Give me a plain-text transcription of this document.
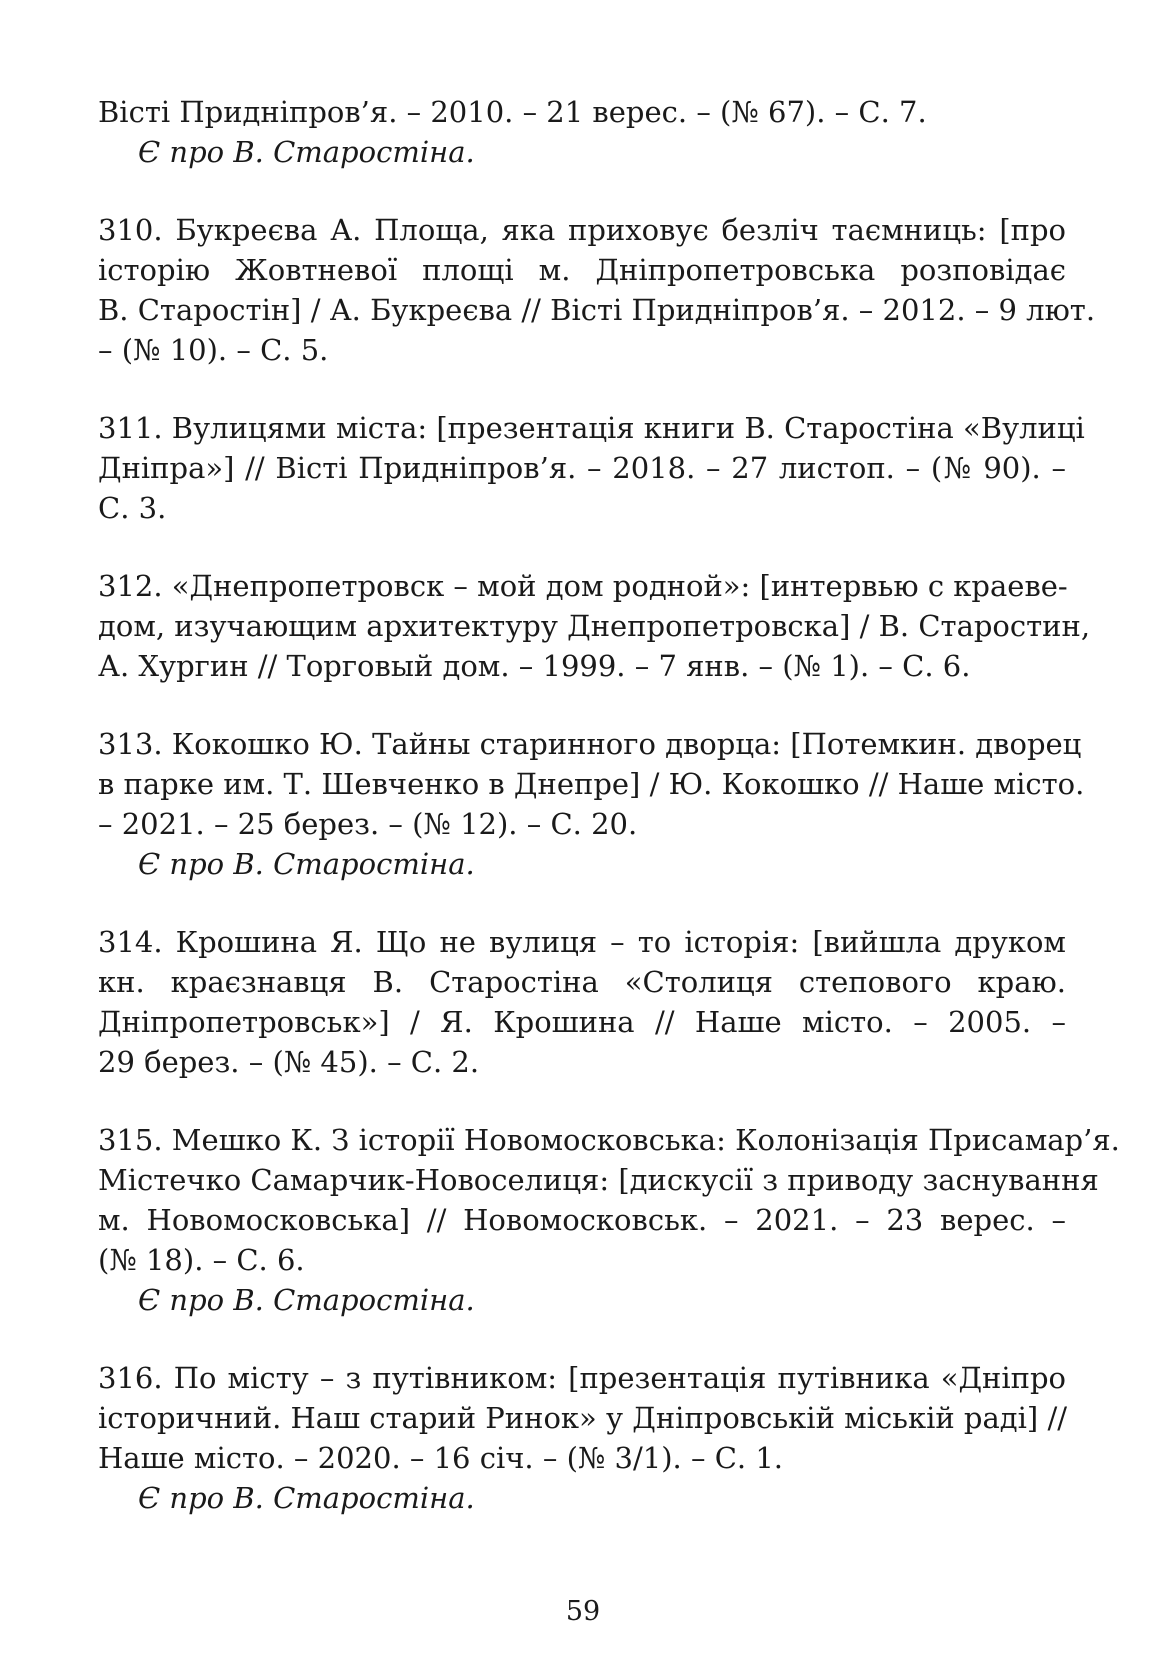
Вісті Придніпров’я. – 2010. – 21 верес. – (№ 67). – С. 7.

Є про В. Старостіна.

310. Букреєва А. Площа, яка приховує безліч таємниць: [про
історію Жовтневої площі м. Дніпропетровська розповідає
В. Старостін] / А. Букреєва // Вісті Придніпров’я. – 2012. – 9 лют.
– (№ 10). – С. 5.

311. Вулицями міста: [презентація книги В. Старостіна «Вулиці
Дніпра»] // Вісті Придніпров’я. – 2018. – 27 листоп. – (№ 90). –
С. 3.

312. «Днепропетровск – мой дом родной»: [интервью с краеве-
дом, изучающим архитектуру Днепропетровска] / В. Старостин,
А. Хургин // Торговый дом. – 1999. – 7 янв. – (№ 1). – С. 6.

313. Кокошко Ю. Тайны старинного дворца: [Потемкин. дворец
в парке им. Т. Шевченко в Днепре] / Ю. Кокошко // Наше місто.
– 2021. – 25 берез. – (№ 12). – С. 20.

Є про В. Старостіна.

314. Крошина Я. Що не вулиця – то історія: [вийшла друком
кн. краєзнавця В. Старостіна «Столиця степового краю.
Дніпропетровськ»] / Я. Крошина // Наше місто. – 2005. –
29 берез. – (№ 45). – С. 2.

315. Мешко К. З історії Новомосковська: Колонізація Присамар’я.
Містечко Самарчик-Новоселиця: [дискусії з приводу заснування
м. Новомосковська] // Новомосковськ. – 2021. – 23 верес. –
(№ 18). – С. 6.

Є про В. Старостіна.

316. По місту – з путівником: [презентація путівника «Дніпро
історичний. Наш старий Ринок» у Дніпровській міській раді] //
Наше місто. – 2020. – 16 січ. – (№ 3/1). – С. 1.

Є про В. Старостіна.

59
